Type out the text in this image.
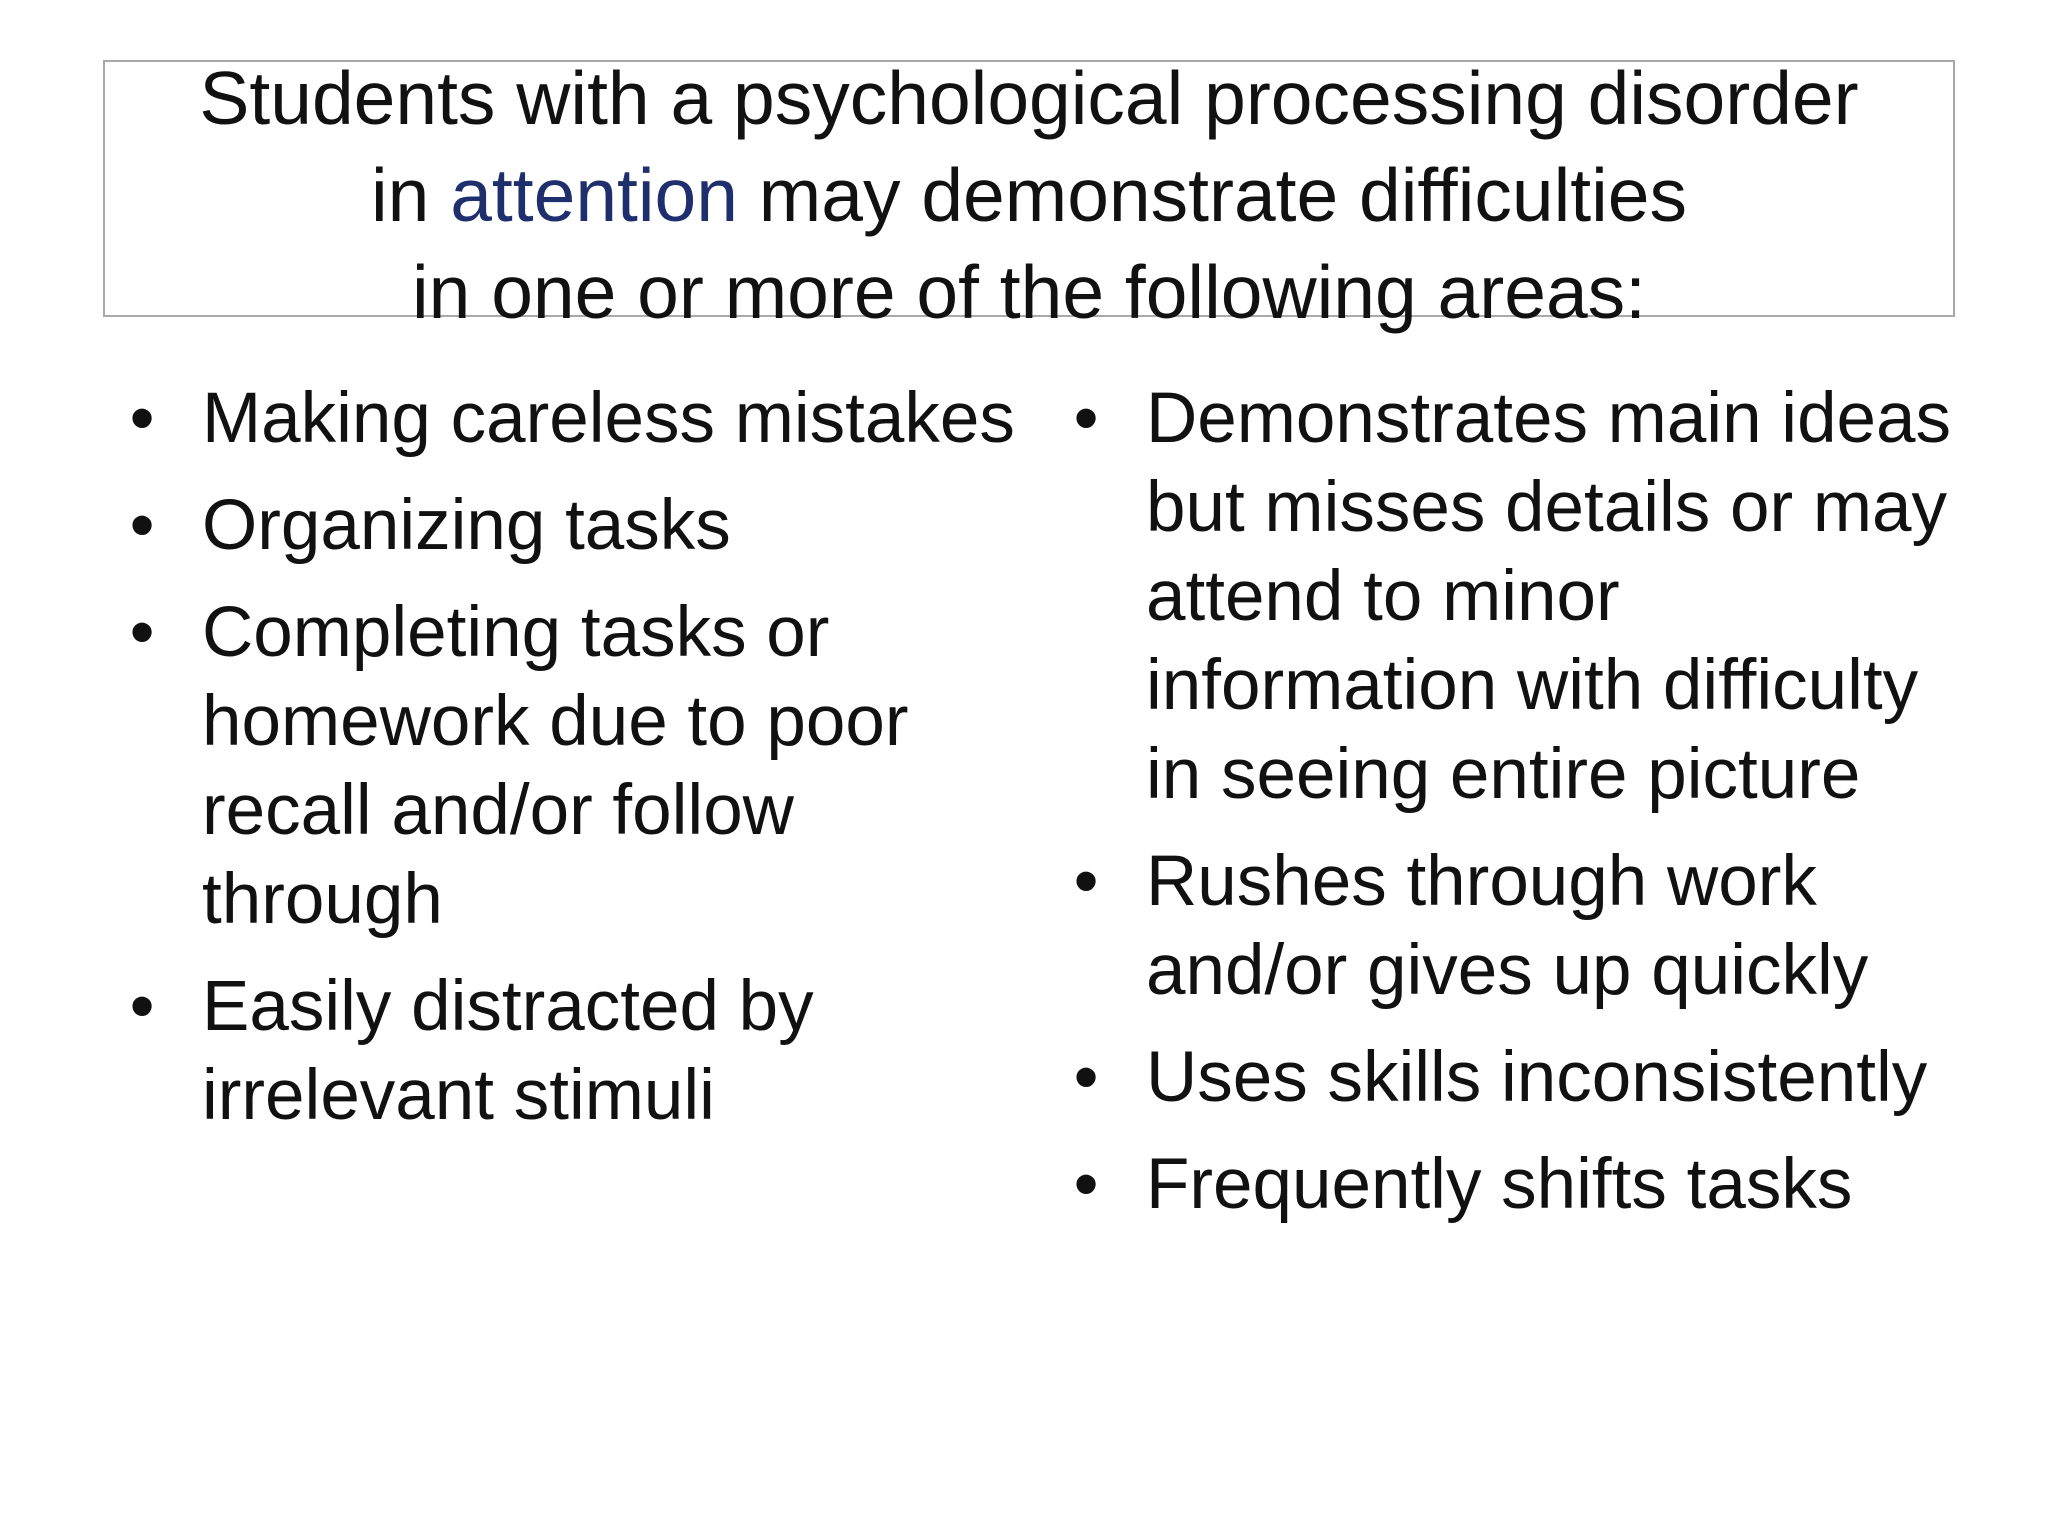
Students with a psychological processing disorder
in attention may demonstrate difficulties
in one or more of the following areas:
• Making careless mistakes
• Organizing tasks
• Completing tasks or homework due to poor recall and/or follow through
• Easily distracted by irrelevant stimuli
• Demonstrates main ideas but misses details or may attend to minor information with difficulty in seeing entire picture
• Rushes through work and/or gives up quickly
• Uses skills inconsistently
• Frequently shifts tasks
